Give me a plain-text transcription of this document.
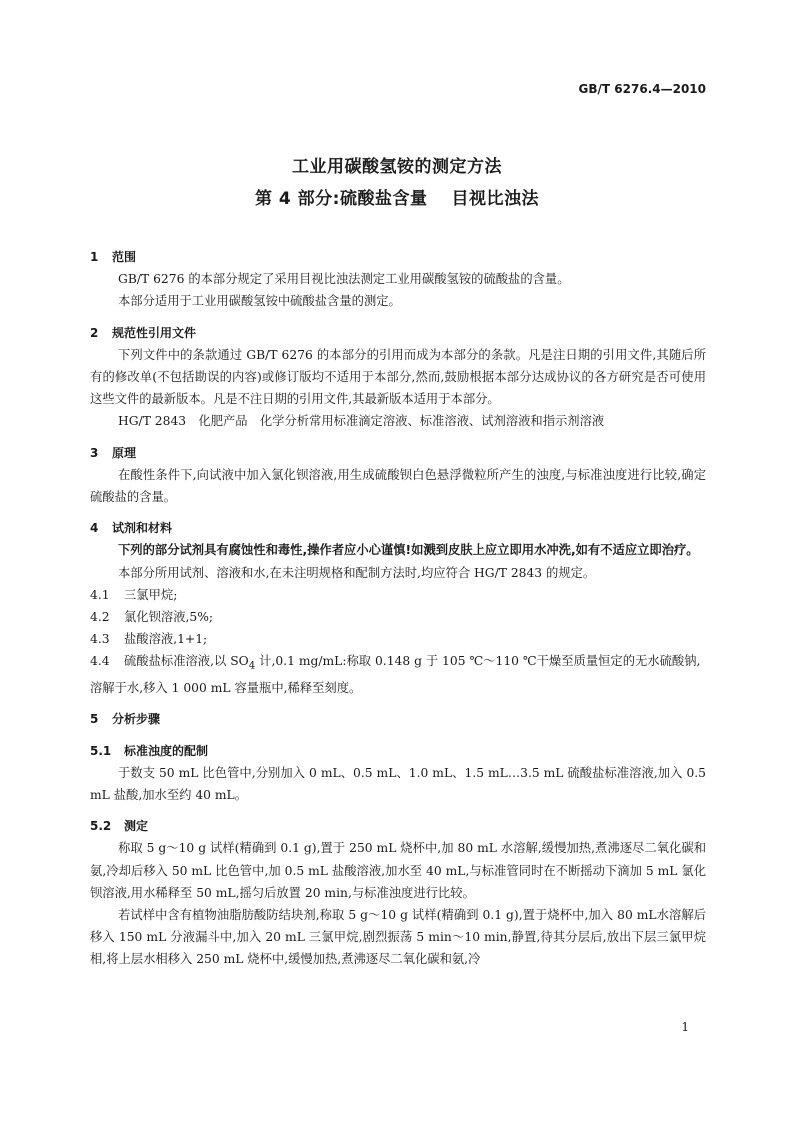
GB/T 6276.4—2010
工业用碳酸氢铵的测定方法
第 4 部分:硫酸盐含量 目视比浊法
1 范围
GB/T 6276 的本部分规定了采用目视比浊法测定工业用碳酸氢铵的硫酸盐的含量。
本部分适用于工业用碳酸氢铵中硫酸盐含量的测定。
2 规范性引用文件
下列文件中的条款通过 GB/T 6276 的本部分的引用而成为本部分的条款。凡是注日期的引用文件,其随后所有的修改单(不包括勘误的内容)或修订版均不适用于本部分,然而,鼓励根据本部分达成协议的各方研究是否可使用这些文件的最新版本。凡是不注日期的引用文件,其最新版本适用于本部分。
HG/T 2843　化肥产品　化学分析常用标准滴定溶液、标准溶液、试剂溶液和指示剂溶液
3 原理
在酸性条件下,向试液中加入氯化钡溶液,用生成硫酸钡白色悬浮微粒所产生的浊度,与标准浊度进行比较,确定硫酸盐的含量。
4 试剂和材料
下列的部分试剂具有腐蚀性和毒性,操作者应小心谨慎!如溅到皮肤上应立即用水冲洗,如有不适应立即治疗。
本部分所用试剂、溶液和水,在未注明规格和配制方法时,均应符合 HG/T 2843 的规定。
4.1 三氯甲烷;
4.2 氯化钡溶液,5%;
4.3 盐酸溶液,1+1;
4.4 硫酸盐标准溶液,以 $SO_4$ 计,0.1 mg/mL:称取 0.148 g 于 105 ℃～110 ℃干燥至质量恒定的无水硫酸钠,溶解于水,移入 1 000 mL 容量瓶中,稀释至刻度。
5 分析步骤
5.1 标准浊度的配制
于数支 50 mL 比色管中,分别加入 0 mL、0.5 mL、1.0 mL、1.5 mL…3.5 mL 硫酸盐标准溶液,加入 0.5 mL 盐酸,加水至约 40 mL。
5.2 测定
称取 5 g～10 g 试样(精确到 0.1 g),置于 250 mL 烧杯中,加 80 mL 水溶解,缓慢加热,煮沸逐尽二氧化碳和氨,冷却后移入 50 mL 比色管中,加 0.5 mL 盐酸溶液,加水至 40 mL,与标准管同时在不断摇动下滴加 5 mL 氯化钡溶液,用水稀释至 50 mL,摇匀后放置 20 min,与标准浊度进行比较。
若试样中含有植物油脂肪酸防结块剂,称取 5 g～10 g 试样(精确到 0.1 g),置于烧杯中,加入 80 mL水溶解后移入 150 mL 分液漏斗中,加入 20 mL 三氯甲烷,剧烈振荡 5 min～10 min,静置,待其分层后,放出下层三氯甲烷相,将上层水相移入 250 mL 烧杯中,缓慢加热,煮沸逐尽二氧化碳和氨,冷
1
